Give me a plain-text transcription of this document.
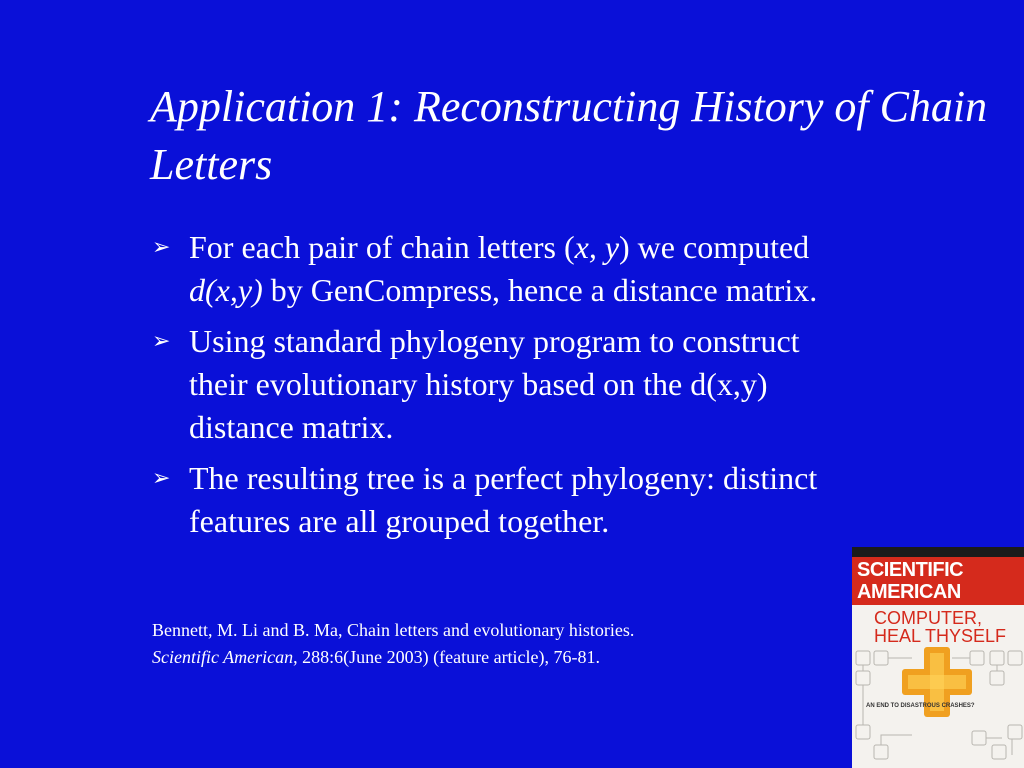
Application 1: Reconstructing History of Chain Letters
➢ For each pair of chain letters (x, y) we computed d(x,y) by GenCompress, hence a distance matrix.
➢ Using standard phylogeny program to construct their evolutionary history based on the d(x,y) distance matrix.
➢ The resulting tree is a perfect phylogeny: distinct features are all grouped together.
Bennett, M. Li and B. Ma, Chain letters and evolutionary histories.
Scientific American, 288:6(June 2003) (feature article), 76-81.
SCIENTIFIC
AMERICAN
COMPUTER,
HEAL THYSELF
AN END TO DISASTROUS CRASHES?
